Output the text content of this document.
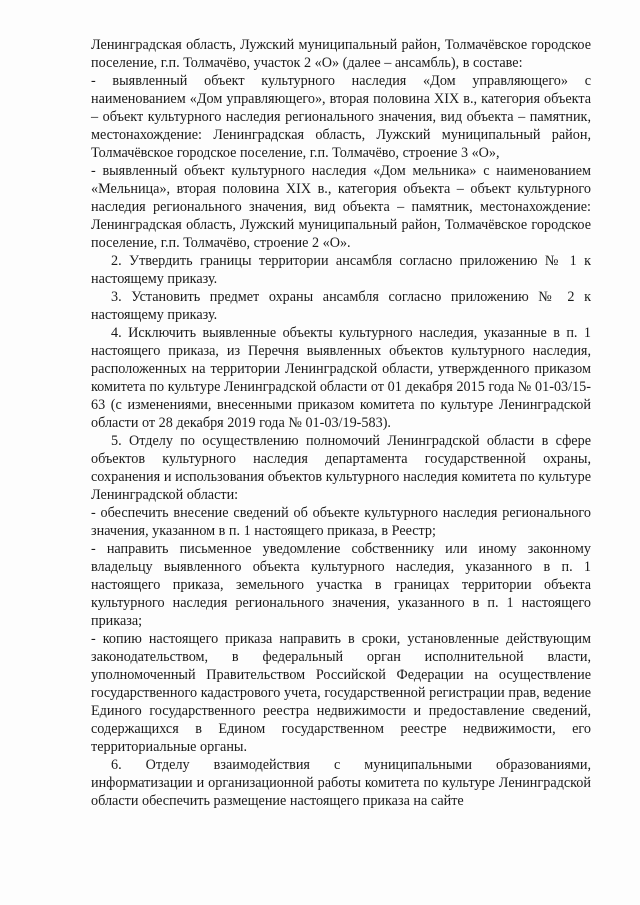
Ленинградская область, Лужский муниципальный район, Толмачёвское городское поселение, г.п. Толмачёво, участок 2 «О» (далее – ансамбль), в составе:

- выявленный объект культурного наследия «Дом управляющего» с наименованием «Дом управляющего», вторая половина XIX в., категория объекта – объект культурного наследия регионального значения, вид объекта – памятник, местонахождение: Ленинградская область, Лужский муниципальный район, Толмачёвское городское поселение, г.п. Толмачёво, строение 3 «О»,

- выявленный объект культурного наследия «Дом мельника» с наименованием «Мельница», вторая половина XIX в., категория объекта – объект культурного наследия регионального значения, вид объекта – памятник, местонахождение: Ленинградская область, Лужский муниципальный район, Толмачёвское городское поселение, г.п. Толмачёво, строение 2 «О».

2. Утвердить границы территории ансамбля согласно приложению № 1 к настоящему приказу.

3. Установить предмет охраны ансамбля согласно приложению № 2 к настоящему приказу.

4. Исключить выявленные объекты культурного наследия, указанные в п. 1 настоящего приказа, из Перечня выявленных объектов культурного наследия, расположенных на территории Ленинградской области, утвержденного приказом комитета по культуре Ленинградской области от 01 декабря 2015 года № 01-03/15-63 (с изменениями, внесенными приказом комитета по культуре Ленинградской области от 28 декабря 2019 года № 01-03/19-583).

5. Отделу по осуществлению полномочий Ленинградской области в сфере объектов культурного наследия департамента государственной охраны, сохранения и использования объектов культурного наследия комитета по культуре Ленинградской области:

- обеспечить внесение сведений об объекте культурного наследия регионального значения, указанном в п. 1 настоящего приказа, в Реестр;

- направить письменное уведомление собственнику или иному законному владельцу выявленного объекта культурного наследия, указанного в п. 1 настоящего приказа, земельного участка в границах территории объекта культурного наследия регионального значения, указанного в п. 1 настоящего приказа;

- копию настоящего приказа направить в сроки, установленные действующим законодательством, в федеральный орган исполнительной власти, уполномоченный Правительством Российской Федерации на осуществление государственного кадастрового учета, государственной регистрации прав, ведение Единого государственного реестра недвижимости и предоставление сведений, содержащихся в Едином государственном реестре недвижимости, его территориальные органы.

6. Отделу взаимодействия с муниципальными образованиями, информатизации и организационной работы комитета по культуре Ленинградской области обеспечить размещение настоящего приказа на сайте
